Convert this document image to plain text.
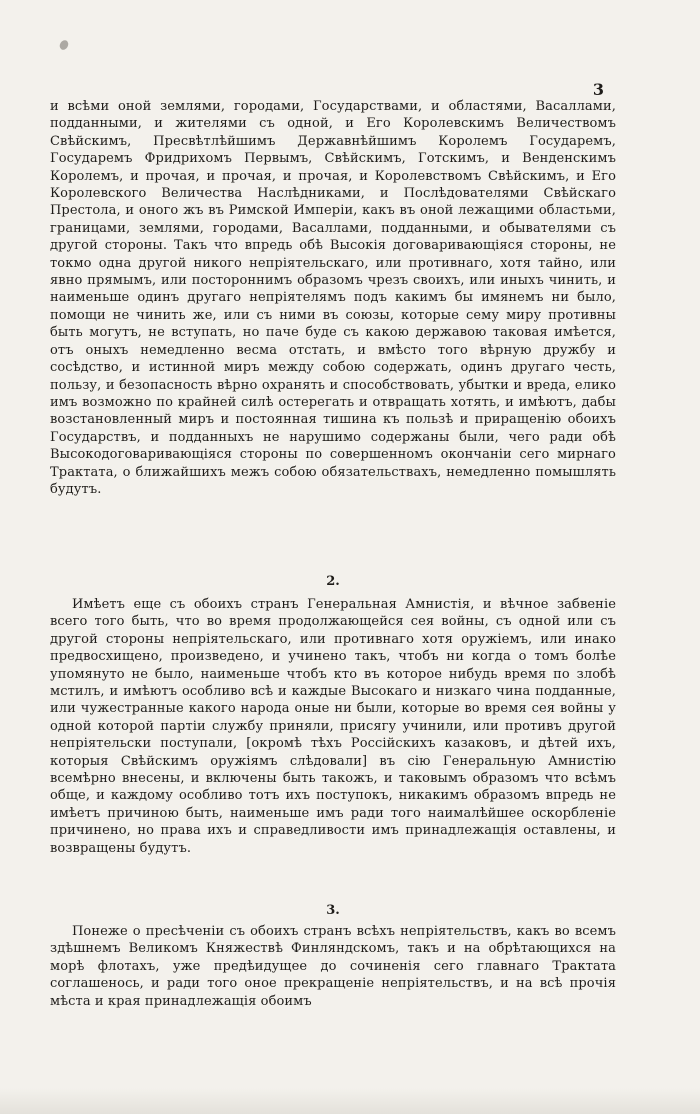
3

и всѣми оной землями, городами, Государствами, и областями, Васаллами, подданными, и жителями съ одной, и Его Королевскимъ Величествомъ Свѣйскимъ, Пресвѣтлѣйшимъ Державнѣйшимъ Королемъ Государемъ, Государемъ Фридрихомъ Первымъ, Свѣйскимъ, Готскимъ, и Венденскимъ Королемъ, и прочая, и прочая, и прочая, и Королевствомъ Свѣйскимъ, и Его Королевского Величества Наслѣдниками, и Послѣдователями Свѣйскаго Престола, и оного жъ въ Римской Имперіи, какъ въ оной лежащими областьми, границами, землями, городами, Васаллами, подданными, и обывателями съ другой стороны. Такъ что впредь обѣ Высокія договаривающіяся стороны, не токмо одна другой никого непріятельскаго, или противнаго, хотя тайно, или явно прямымъ, или постороннимъ образомъ чрезъ своихъ, или иныхъ чинить, и наименьше одинъ другаго непріятелямъ подъ какимъ бы имянемъ ни было, помощи не чинить же, или съ ними въ союзы, которые сему миру противны быть могутъ, не вступать, но паче буде съ какою державою таковая имѣется, отъ оныхъ немедленно весма отстать, и вмѣсто того вѣрную дружбу и сосѣдство, и истинной миръ между собою содержать, одинъ другаго честь, пользу, и безопасность вѣрно охранять и способствовать, убытки и вреда, елико имъ возможно по крайней силѣ остерегать и отвращать хотять, и имѣютъ, дабы возстановленный миръ и постоянная тишина къ пользѣ и приращенію обоихъ Государствъ, и подданныхъ не нарушимо содержаны были, чего ради обѣ Высокодоговаривающіяся стороны по совершенномъ окончаніи сего мирнаго Трактата, о ближайшихъ межъ собою обязательствахъ, немедленно помышлять будутъ.

2.

Имѣетъ еще съ обоихъ странъ Генеральная Амнистія, и вѣчное забвеніе всего того быть, что во время продолжающейся сея войны, съ одной или съ другой стороны непріятельскаго, или противнаго хотя оружіемъ, или инако предвосхищено, произведено, и учинено такъ, чтобъ ни когда о томъ болѣе упомянуто не было, наименьше чтобъ кто въ которое нибудь время по злобѣ мстилъ, и имѣютъ особливо всѣ и каждые Высокаго и низкаго чина подданные, или чужестранные какого народа оные ни были, которые во время сея войны у одной которой партіи службу приняли, присягу учинили, или противъ другой непріятельски поступали, [окромѣ тѣхъ Россійскихъ казаковъ, и дѣтей ихъ, которыя Свѣйскимъ оружіямъ слѣдовали] въ сію Генеральную Амнистію всемѣрно внесены, и включены быть такожъ, и таковымъ образомъ что всѣмъ обще, и каждому особливо тотъ ихъ поступокъ, никакимъ образомъ впредь не имѣетъ причиною быть, наименьше имъ ради того наималѣйшее оскорбленіе причинено, но права ихъ и справедливости имъ принадлежащія оставлены, и возвращены будутъ.

3.

Понеже о пресѣченіи съ обоихъ странъ всѣхъ непріятельствъ, какъ во всемъ здѣшнемъ Великомъ Княжествѣ Финляндскомъ, такъ и на обрѣтающихся на морѣ флотахъ, уже предѣидущее до сочиненія сего главнаго Трактата соглашенось, и ради того оное прекращеніе непріятельствъ, и на всѣ прочія мѣста и края принадлежащія обоимъ
